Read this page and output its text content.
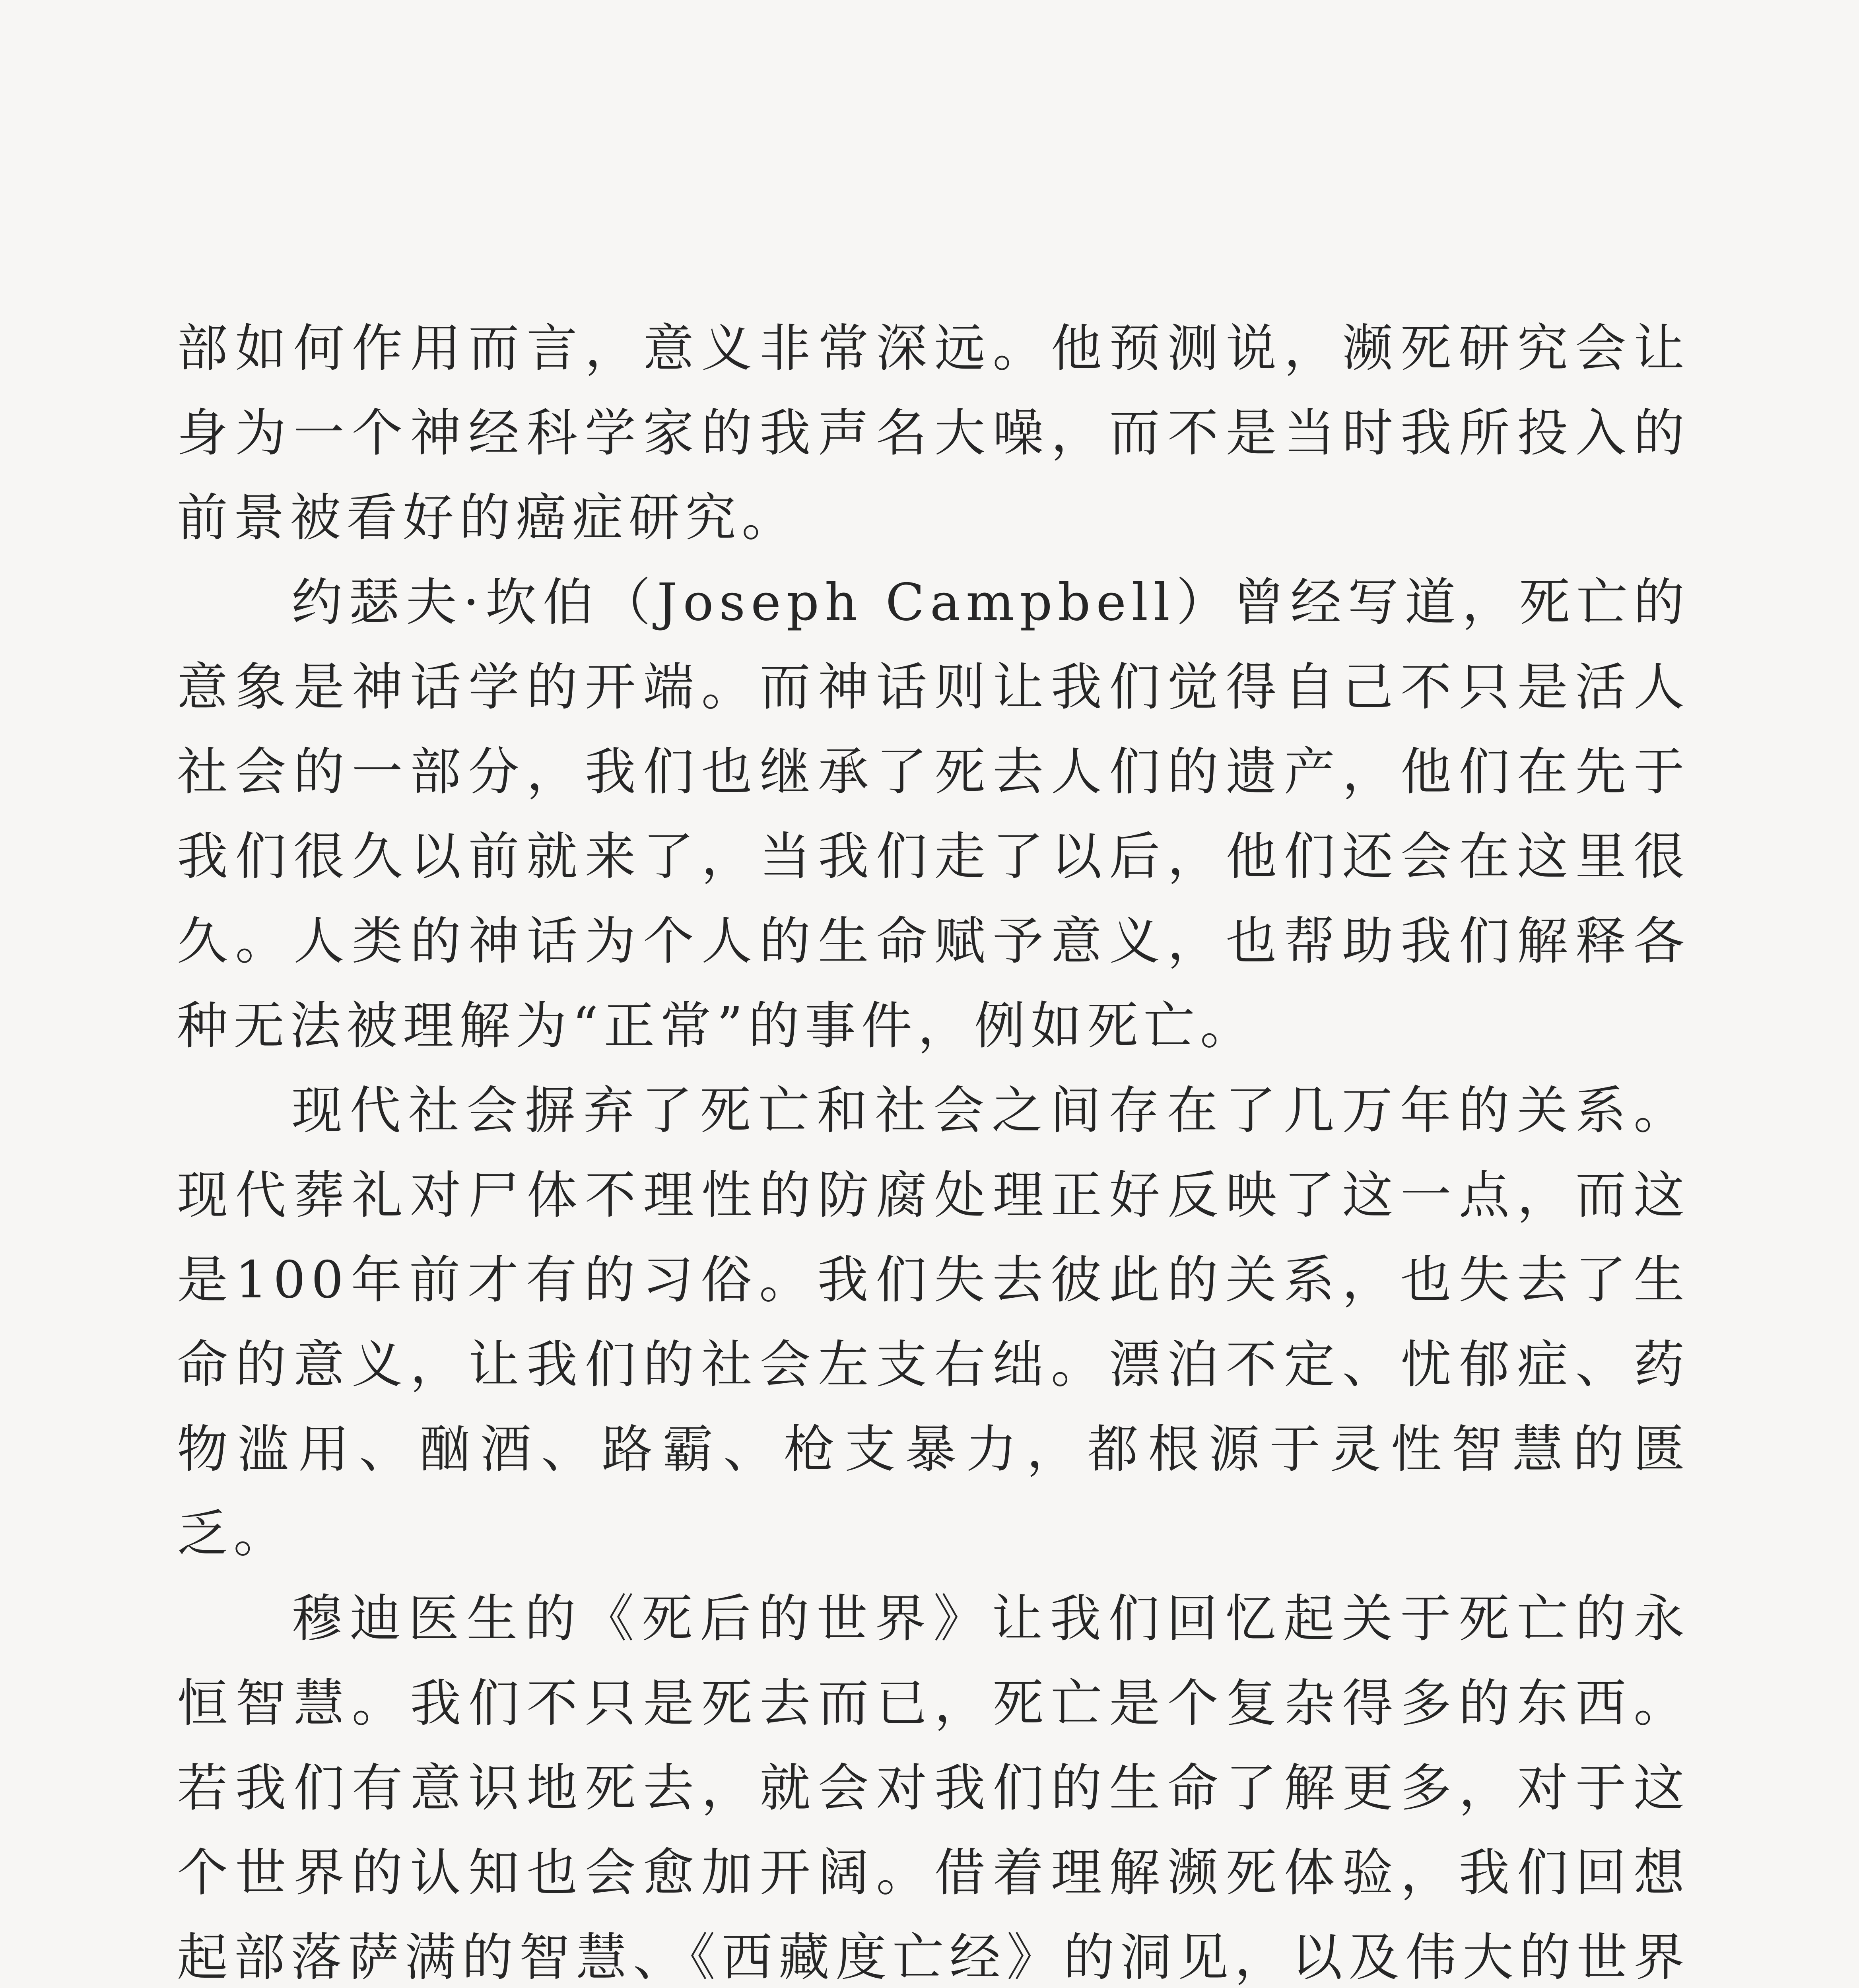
部如何作用而言，意义非常深远。他预测说，濒死研究会让身为一个神经科学家的我声名大噪，而不是当时我所投入的前景被看好的癌症研究。

约瑟夫·坎伯（Joseph Campbell）曾经写道，死亡的意象是神话学的开端。而神话则让我们觉得自己不只是活人社会的一部分，我们也继承了死去人们的遗产，他们在先于我们很久以前就来了，当我们走了以后，他们还会在这里很久。人类的神话为个人的生命赋予意义，也帮助我们解释各种无法被理解为“正常”的事件，例如死亡。

现代社会摒弃了死亡和社会之间存在了几万年的关系。现代葬礼对尸体不理性的防腐处理正好反映了这一点，而这是100年前才有的习俗。我们失去彼此的关系，也失去了生命的意义，让我们的社会左支右绌。漂泊不定、忧郁症、药物滥用、酗酒、路霸、枪支暴力，都根源于灵性智慧的匮乏。

穆迪医生的《死后的世界》让我们回忆起关于死亡的永恒智慧。我们不只是死去而已，死亡是个复杂得多的东西。若我们有意识地死去，就会对我们的生命了解更多，对于这个世界的认知也会愈加开阔。借着理解濒死体验，我们回想起部落萨满的智慧、《西藏度亡经》的洞见，以及伟大的世界
